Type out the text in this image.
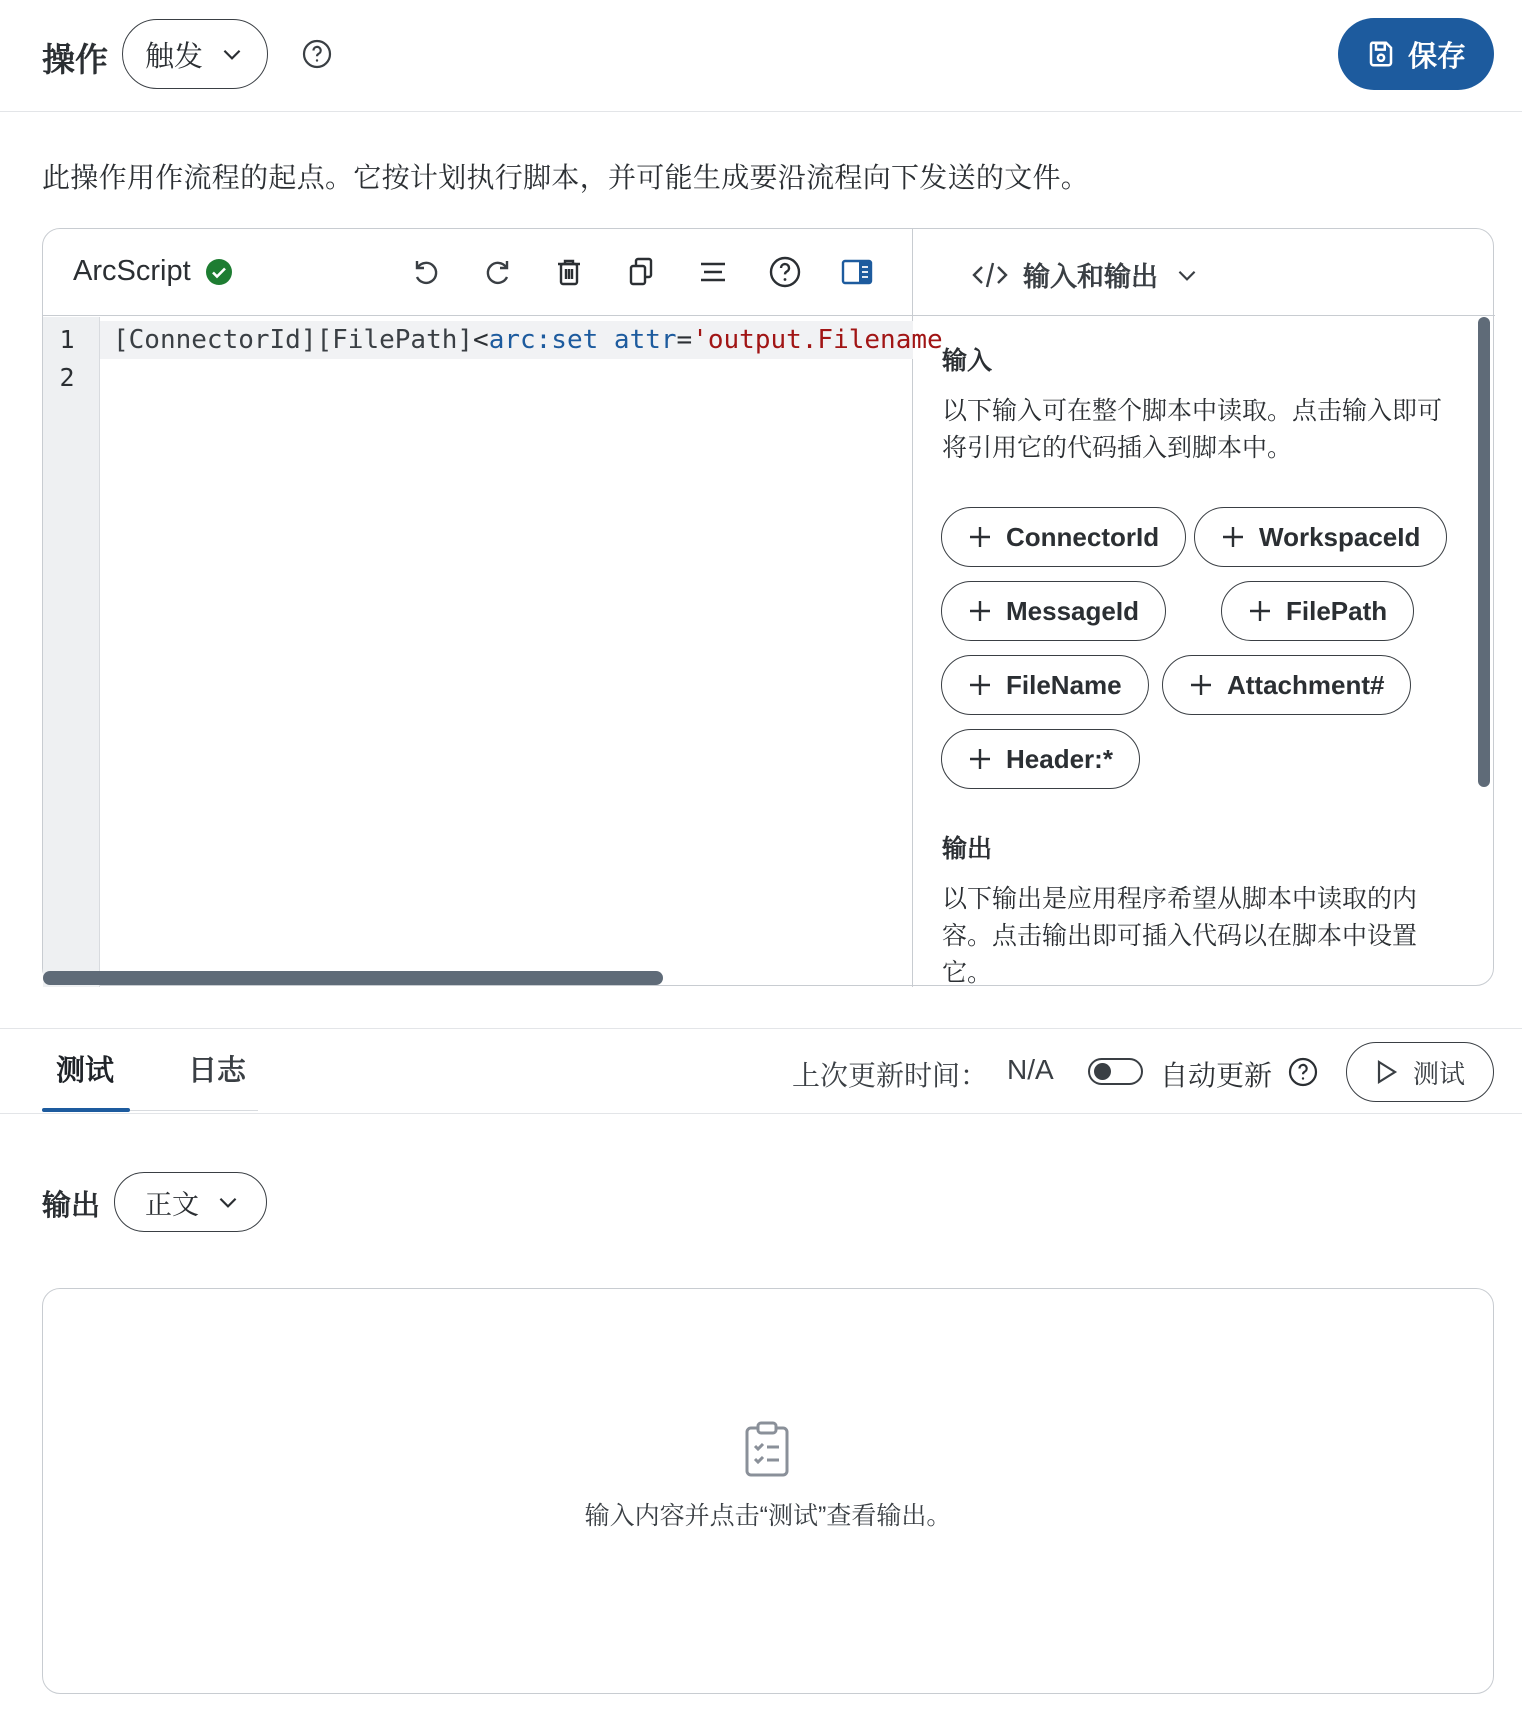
操作 触发	保存
此操作用作流程的起点。它按计划执行脚本，并可能生成要沿流程向下发送的文件。
ArcScript	输入和输出
1
2
[ConnectorId][FilePath]<arc:set attr='output.Filename
输入
以下输入可在整个脚本中读取。点击输入即可将引用它的代码插入到脚本中。
ConnectorId	WorkspaceId
MessageId	FilePath
FileName	Attachment#
Header:*
输出
以下输出是应用程序希望从脚本中读取的内容。点击输出即可插入代码以在脚本中设置它。
测试	日志	上次更新时间： N/A	自动更新	测试
输出 正文
输入内容并点击“测试”查看输出。
